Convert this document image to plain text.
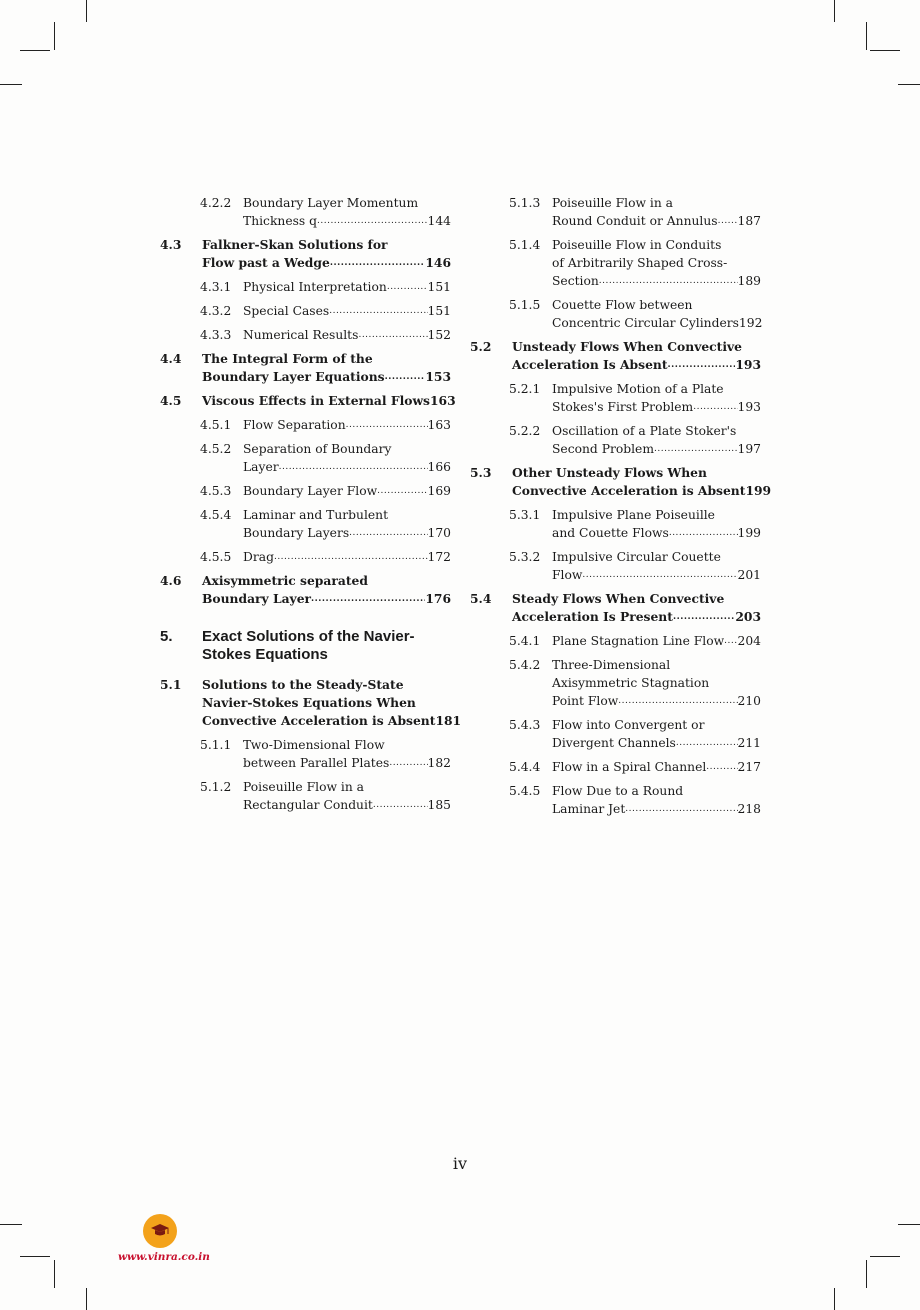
4.2.2 Boundary Layer Momentum
Thickness q .....	144
4.3	Falkner-Skan Solutions for
Flow past a Wedge .....	146
4.3.1 Physical Interpretation .....	151
4.3.2 Special Cases .....	151
4.3.3 Numerical Results .....	152
4.4	The Integral Form of the
Boundary Layer Equations .....	153
4.5	Viscous Effects in External Flows 163
4.5.1 Flow Separation .....	163
4.5.2 Separation of Boundary
Layer .....	166
4.5.3 Boundary Layer Flow .....	169
4.5.4 Laminar and Turbulent
Boundary Layers .....	170
4.5.5 Drag .....	172
4.6	Axisymmetric separated
Boundary Layer .....	176
5.	Exact Solutions of the Navier-
Stokes Equations
5.1	Solutions to the Steady-State
Navier-Stokes Equations When
Convective Acceleration is Absent 181
5.1.1 Two-Dimensional Flow
between Parallel Plates .....	182
5.1.2 Poiseuille Flow in a
Rectangular Conduit .....	185
5.1.3 Poiseuille Flow in a
Round Conduit or Annulus ..... 187
5.1.4 Poiseuille Flow in Conduits
of Arbitrarily Shaped Cross-
Section .....	189
5.1.5 Couette Flow between
Concentric Circular Cylinders 192
5.2	Unsteady Flows When Convective
Acceleration Is Absent .....	193
5.2.1 Impulsive Motion of a Plate
Stokes's First Problem .....	193
5.2.2 Oscillation of a Plate Stoker's
Second Problem .....	197
5.3	Other Unsteady Flows When
Convective Acceleration is Absent 199
5.3.1 Impulsive Plane Poiseuille
and Couette Flows .....	199
5.3.2 Impulsive Circular Couette
Flow .....	201
5.4	Steady Flows When Convective
Acceleration Is Present .....	203
5.4.1 Plane Stagnation Line Flow ..... 204
5.4.2 Three-Dimensional
Axisymmetric Stagnation
Point Flow .....	210
5.4.3 Flow into Convergent or
Divergent Channels .....	211
5.4.4 Flow in a Spiral Channel .....	217
5.4.5 Flow Due to a Round
Laminar Jet .....	218
iv
www.vinra.co.in
